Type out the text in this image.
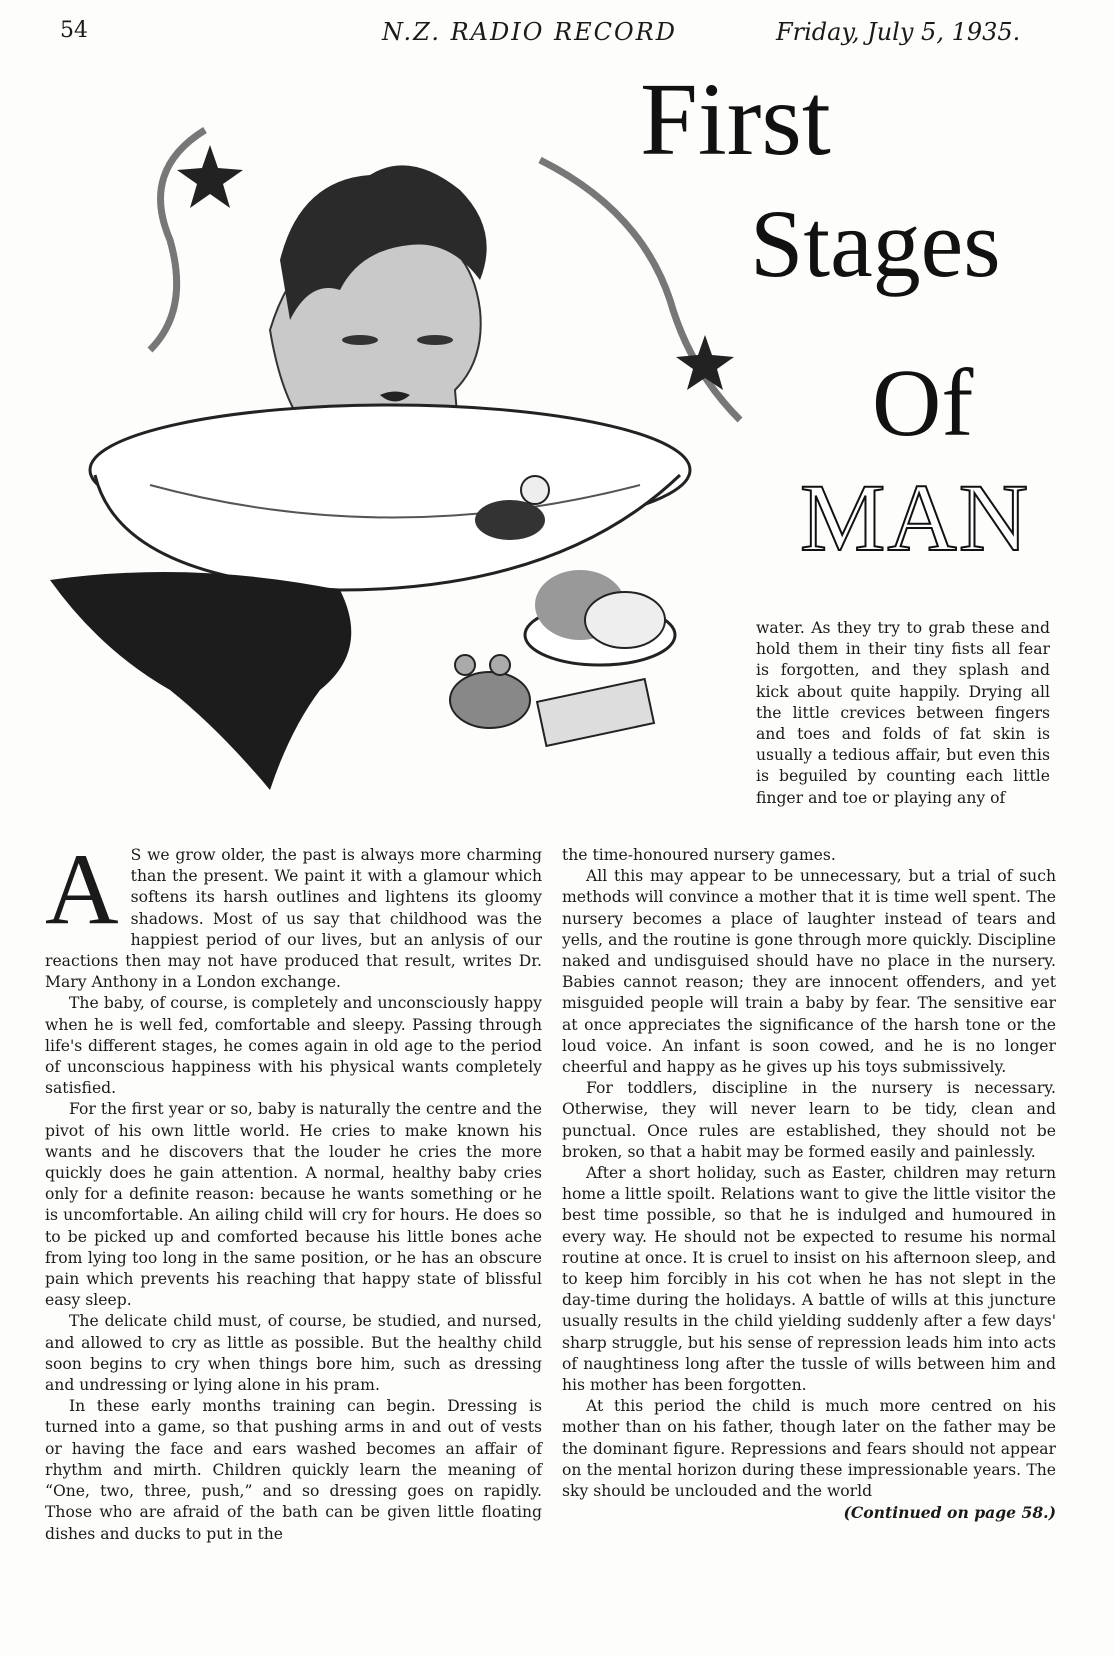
54	N.Z. RADIO RECORD	Friday, July 5, 1935.
First
Stages
Of
MAN

water. As they try to grab these and hold them in their tiny fists all fear is forgotten, and they splash and kick about quite happily. Drying all the little crevices between fingers and toes and folds of fat skin is usually a tedious affair, but even this is beguiled by counting each little finger and toe or playing any of

A S we grow older, the past is always more charming than the present. We paint it with a glamour which softens its harsh outlines and lightens its gloomy shadows. Most of us say that childhood was the happiest period of our lives, but an anlysis of our reactions then may not have produced that result, writes Dr. Mary Anthony in a London exchange.

The baby, of course, is completely and unconsciously happy when he is well fed, comfortable and sleepy. Passing through life's different stages, he comes again in old age to the period of unconscious happiness with his physical wants completely satisfied.

For the first year or so, baby is naturally the centre and the pivot of his own little world. He cries to make known his wants and he discovers that the louder he cries the more quickly does he gain attention. A normal, healthy baby cries only for a definite reason: because he wants something or he is uncomfortable. An ailing child will cry for hours. He does so to be picked up and comforted because his little bones ache from lying too long in the same position, or he has an obscure pain which prevents his reaching that happy state of blissful easy sleep.

The delicate child must, of course, be studied, and nursed, and allowed to cry as little as possible. But the healthy child soon begins to cry when things bore him, such as dressing and undressing or lying alone in his pram.

In these early months training can begin. Dressing is turned into a game, so that pushing arms in and out of vests or having the face and ears washed becomes an affair of rhythm and mirth. Children quickly learn the meaning of “One, two, three, push,” and so dressing goes on rapidly. Those who are afraid of the bath can be given little floating dishes and ducks to put in the

the time-honoured nursery games.

All this may appear to be unnecessary, but a trial of such methods will convince a mother that it is time well spent. The nursery becomes a place of laughter instead of tears and yells, and the routine is gone through more quickly. Discipline naked and undisguised should have no place in the nursery. Babies cannot reason; they are innocent offenders, and yet misguided people will train a baby by fear. The sensitive ear at once appreciates the significance of the harsh tone or the loud voice. An infant is soon cowed, and he is no longer cheerful and happy as he gives up his toys submissively.

For toddlers, discipline in the nursery is necessary. Otherwise, they will never learn to be tidy, clean and punctual. Once rules are established, they should not be broken, so that a habit may be formed easily and painlessly.

After a short holiday, such as Easter, children may return home a little spoilt. Relations want to give the little visitor the best time possible, so that he is indulged and humoured in every way. He should not be expected to resume his normal routine at once. It is cruel to insist on his afternoon sleep, and to keep him forcibly in his cot when he has not slept in the day-time during the holidays. A battle of wills at this juncture usually results in the child yielding suddenly after a few days' sharp struggle, but his sense of repression leads him into acts of naughtiness long after the tussle of wills between him and his mother has been forgotten.

At this period the child is much more centred on his mother than on his father, though later on the father may be the dominant figure. Repressions and fears should not appear on the mental horizon during these impressionable years. The sky should be unclouded and the world

(Continued on page 58.)
